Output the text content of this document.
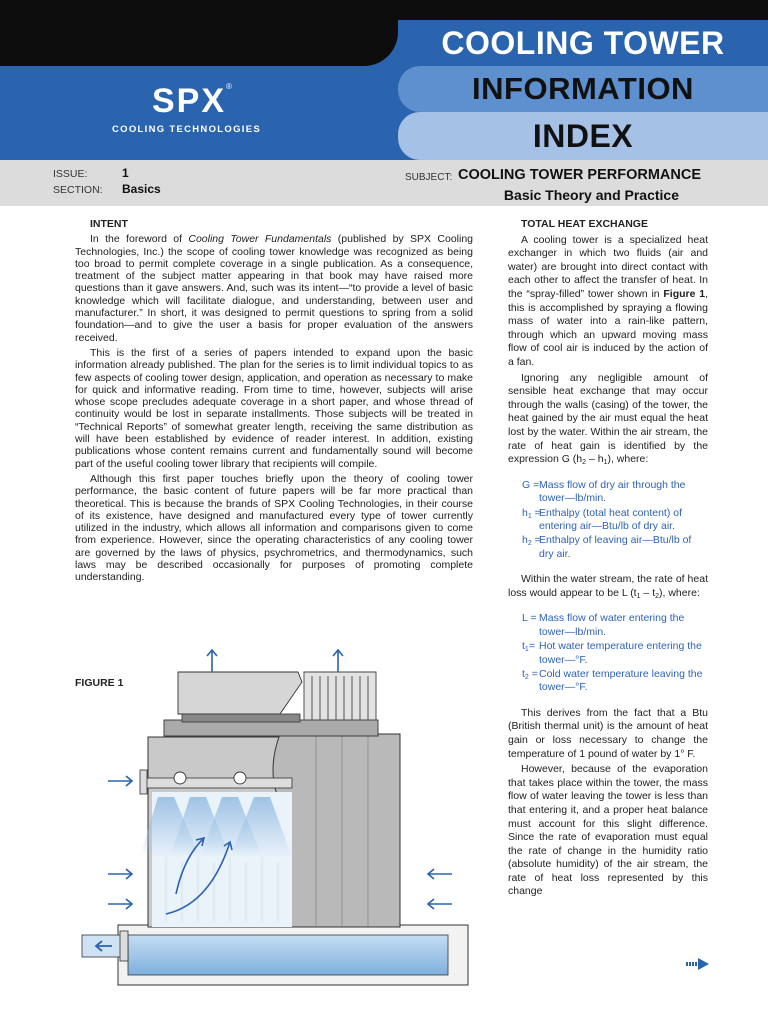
COOLING TOWER
INFORMATION
INDEX
SPX®
COOLING TECHNOLOGIES
ISSUE:	1
SECTION: Basics
SUBJECT: COOLING TOWER PERFORMANCE
Basic Theory and Practice

INTENT

In the foreword of Cooling Tower Fundamentals (published by SPX Cooling Technologies, Inc.) the scope of cooling tower knowledge was recognized as being too broad to permit complete coverage in a single publication. As a consequence, treatment of the subject matter appearing in that book may have raised more questions than it gave answers. And, such was its intent—“to provide a level of basic knowledge which will facilitate dialogue, and understanding, between user and manufacturer.” In short, it was designed to permit questions to spring from a solid foundation—and to give the user a basis for proper evaluation of the answers received.

This is the first of a series of papers intended to expand upon the basic information already published. The plan for the series is to limit individual topics to as few aspects of cooling tower design, application, and operation as necessary to make for quick and informative reading. From time to time, however, subjects will arise whose scope precludes adequate coverage in a short paper, and whose thread of continuity would be lost in separate installments. Those subjects will be treated in “Technical Reports” of somewhat greater length, receiving the same distribution as will have been established by evidence of reader interest. In addition, existing publications whose content remains current and fundamentally sound will become part of the useful cooling tower library that recipients will compile.

Although this first paper touches briefly upon the theory of cooling tower performance, the basic content of future papers will be far more practical than theoretical. This is because the brands of SPX Cooling Technologies, in their course of its existence, have designed and manufactured every type of tower currently utilized in the industry, which allows all information and comparisons given to come from experience. However, since the operating characteristics of any cooling tower are governed by the laws of physics, psychrometrics, and thermodynamics, such laws may be described occasionally for purposes of promoting complete understanding.

FIGURE 1

TOTAL HEAT EXCHANGE

A cooling tower is a specialized heat exchanger in which two fluids (air and water) are brought into direct contact with each other to affect the transfer of heat. In the “spray-filled” tower shown in Figure 1, this is accomplished by spraying a flowing mass of water into a rain-like pattern, through which an upward moving mass flow of cool air is induced by the action of a fan.

Ignoring any negligible amount of sensible heat exchange that may occur through the walls (casing) of the tower, the heat gained by the air must equal the heat lost by the water. Within the air stream, the rate of heat gain is identified by the expression G $(h_2 - h_1)$, where:

G = Mass flow of dry air through the tower—lb/min.
$h_1$ =
Enthalpy (total heat content) of entering air—Btu/lb of dry air.
$h_2$ =
Enthalpy of leaving air—Btu/lb of dry air.

Within the water stream, the rate of heat loss would appear to be L $(t_1 - t_2)$, where:

L = Mass flow of water entering the tower—lb/min.
$t_1=$ Hot water temperature entering the tower—°F.
$t_2$ = Cold water temperature leaving the tower—°F.

This derives from the fact that a Btu (British thermal unit) is the amount of heat gain or loss necessary to change the temperature of 1 pound of water by 1° F.

However, because of the evaporation that takes place within the tower, the mass flow of water leaving the tower is less than that entering it, and a proper heat balance must account for this slight difference. Since the rate of evaporation must equal the rate of change in the humidity ratio (absolute humidity) of the air stream, the rate of heat loss represented by this change
